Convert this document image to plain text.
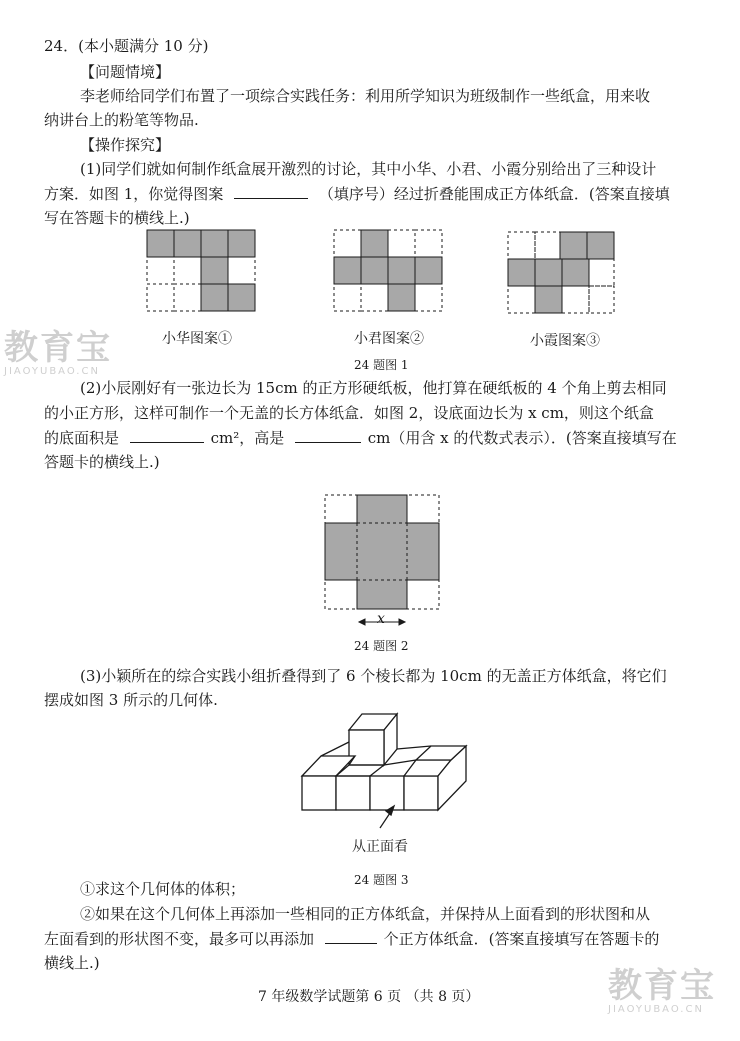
24．(本小题满分 10 分)
【问题情境】
李老师给同学们布置了一项综合实践任务：利用所学知识为班级制作一些纸盒，用来收
纳讲台上的粉笔等物品.
【操作探究】
(1)同学们就如何制作纸盒展开激烈的讨论，其中小华、小君、小霞分别给出了三种设计
方案．如图 1，你觉得图案	（填序号）经过折叠能围成正方体纸盒．(答案直接填
写在答题卡的横线上.)
小华图案①	小君图案②	小霞图案③
24 题图 1
(2)小辰刚好有一张边长为 15cm 的正方形硬纸板，他打算在硬纸板的 4 个角上剪去相同
的小正方形，这样可制作一个无盖的长方体纸盒．如图 2，设底面边长为 x cm，则这个纸盒
的底面积是	cm²，高是	cm（用含 x 的代数式表示）．(答案直接填写在
答题卡的横线上.)
x
24 题图 2
(3)小颖所在的综合实践小组折叠得到了 6 个棱长都为 10cm 的无盖正方体纸盒，将它们
摆成如图 3 所示的几何体.
从正面看
24 题图 3
①求这个几何体的体积；
②如果在这个几何体上再添加一些相同的正方体纸盒，并保持从上面看到的形状图和从
左面看到的形状图不变，最多可以再添加	个正方体纸盒．(答案直接填写在答题卡的
横线上.)
7 年级数学试题第 6 页 （共 8 页）
教育宝
JIAOYUBAO.CN
教育宝
JIAOYUBAO.CN
